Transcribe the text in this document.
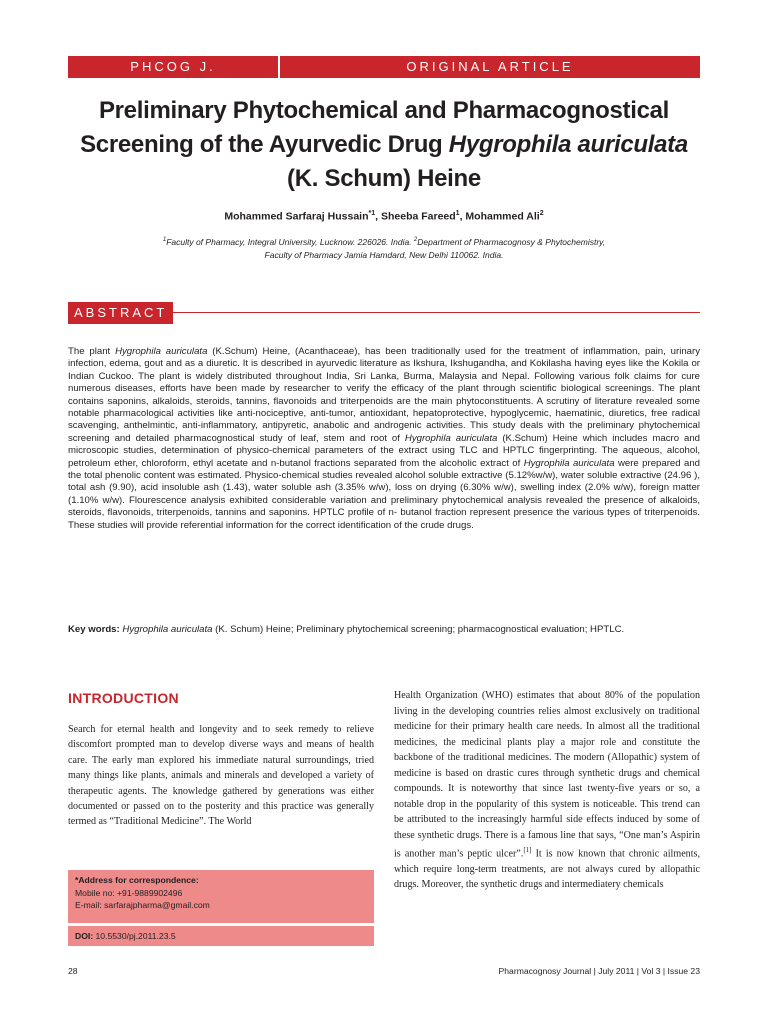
PHCOG J.	ORIGINAL ARTICLE
Preliminary Phytochemical and Pharmacognostical
Screening of the Ayurvedic Drug Hygrophila auriculata
(K. Schum) Heine
Mohammed Sarfaraj Hussain$^{*1}$, Sheeba Fareed$^1$, Mohammed Ali$^2$
$^1$Faculty of Pharmacy, Integral University, Lucknow. 226026. India. $^2$Department of Pharmacognosy & Phytochemistry,
Faculty of Pharmacy Jamia Hamdard, New Delhi 110062. India.
ABSTRACT
The plant Hygrophila auriculata (K.Schum) Heine, (Acanthaceae), has been traditionally used for the treatment of inflammation, pain, urinary infection, edema, gout and as a diuretic. It is described in ayurvedic literature as Ikshura, Ikshugandha, and Kokilasha having eyes like the Kokila or Indian Cuckoo. The plant is widely distributed throughout India, Sri Lanka, Burma, Malaysia and Nepal. Following various folk claims for cure numerous diseases, efforts have been made by researcher to verify the efficacy of the plant through scientific biological screenings. The plant contains saponins, alkaloids, steroids, tannins, flavonoids and triterpenoids are the main phytoconstituents. A scrutiny of literature revealed some notable pharmacological activities like anti-nociceptive, anti-tumor, antioxidant, hepatoprotective, hypoglycemic, haematinic, diuretics, free radical scavenging, anthelmintic, anti-inflammatory, antipyretic, anabolic and androgenic activities. This study deals with the preliminary phytochemical screening and detailed pharmacognostical study of leaf, stem and root of Hygrophila auriculata (K.Schum) Heine which includes macro and microscopic studies, determination of physico-chemical parameters of the extract using TLC and HPTLC fingerprinting. The aqueous, alcohol, petroleum ether, chloroform, ethyl acetate and n-butanol fractions separated from the alcoholic extract of Hygrophila auriculata were prepared and the total phenolic content was estimated. Physico-chemical studies revealed alcohol soluble extractive (5.12%w/w), water soluble extractive (24.96 ), total ash (9.90), acid insoluble ash (1.43), water soluble ash (3.35% w/w), loss on drying (6.30% w/w), swelling index (2.0% w/w), foreign matter (1.10% w/w). Flourescence analysis exhibited considerable variation and preliminary phytochemical analysis revealed the presence of alkaloids, steroids, flavonoids, triterpenoids, tannins and saponins. HPTLC profile of n- butanol fraction represent presence the various types of triterpenoids. These studies will provide referential information for the correct identification of the crude drugs.
Key words: Hygrophila auriculata (K. Schum) Heine; Preliminary phytochemical screening; pharmacognostical evaluation; HPTLC.
INTRODUCTION
Search for eternal health and longevity and to seek remedy to relieve discomfort prompted man to develop diverse ways and means of health care. The early man explored his immediate natural surroundings, tried many things like plants, animals and minerals and developed a variety of therapeutic agents. The knowledge gathered by generations was either documented or passed on to the posterity and this practice was generally termed as “Traditional Medicine”. The World
Health Organization (WHO) estimates that about 80% of the population living in the developing countries relies almost exclusively on traditional medicine for their primary health care needs. In almost all the traditional medicines, the medicinal plants play a major role and constitute the backbone of the traditional medicines. The modern (Allopathic) system of medicine is based on drastic cures through synthetic drugs and chemical compounds. It is noteworthy that since last twenty-five years or so, a notable drop in the popularity of this system is noticeable. This trend can be attributed to the increasingly harmful side effects induced by some of these synthetic drugs. There is a famous line that says, “One man’s Aspirin is another man’s peptic ulcer”.[1] It is now known that chronic ailments, which require long-term treatments, are not always cured by allopathic drugs. Moreover, the synthetic drugs and intermediatery chemicals
*Address for correspondence:
Mobile no: +91-9889902496
E-mail: sarfarajpharma@gmail.com
DOI: 10.5530/pj.2011.23.5
28	Pharmacognosy Journal | July 2011 | Vol 3 | Issue 23
